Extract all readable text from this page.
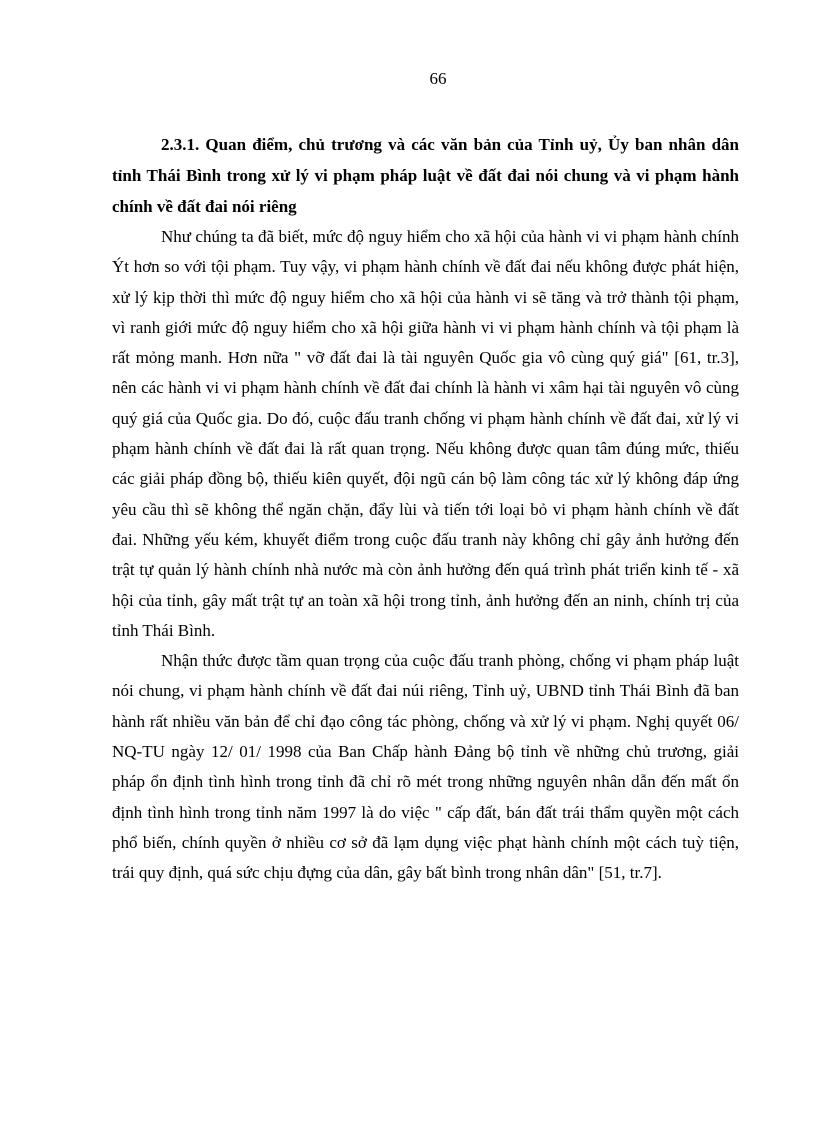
66

2.3.1. Quan điểm, chủ trương và các văn bản của Tỉnh uỷ, Ủy ban nhân dân tỉnh Thái Bình trong xử lý vi phạm pháp luật về đất đai nói chung và vi phạm hành chính về đất đai nói riêng

Như chúng ta đã biết, mức độ nguy hiểm cho xã hội của hành vi vi phạm hành chính Ýt hơn so với tội phạm. Tuy vậy, vi phạm hành chính về đất đai nếu không được phát hiện, xử lý kịp thời thì mức độ nguy hiểm cho xã hội của hành vi sẽ tăng và trở thành tội phạm, vì ranh giới mức độ nguy hiểm cho xã hội giữa hành vi vi phạm hành chính và tội phạm là rất mỏng manh. Hơn nữa " vỡ đất đai là tài nguyên Quốc gia vô cùng quý giá" [61, tr.3], nên các hành vi vi phạm hành chính về đất đai chính là hành vi xâm hại tài nguyên vô cùng quý giá của Quốc gia. Do đó, cuộc đấu tranh chống vi phạm hành chính về đất đai, xử lý vi phạm hành chính về đất đai là rất quan trọng. Nếu không được quan tâm đúng mức, thiếu các giải pháp đồng bộ, thiếu kiên quyết, đội ngũ cán bộ làm công tác xử lý không đáp ứng yêu cầu thì sẽ không thể ngăn chặn, đẩy lùi và tiến tới loại bỏ vi phạm hành chính về đất đai. Những yếu kém, khuyết điểm trong cuộc đấu tranh này không chỉ gây ảnh hưởng đến trật tự quản lý hành chính nhà nước mà còn ảnh hưởng đến quá trình phát triển kinh tế - xã hội của tỉnh, gây mất trật tự an toàn xã hội trong tỉnh, ảnh hưởng đến an ninh, chính trị của tỉnh Thái Bình.

Nhận thức được tầm quan trọng của cuộc đấu tranh phòng, chống vi phạm pháp luật nói chung, vi phạm hành chính về đất đai núi riêng, Tỉnh uỷ, UBND tỉnh Thái Bình đã ban hành rất nhiều văn bản để chỉ đạo công tác phòng, chống và xử lý vi phạm. Nghị quyết 06/ NQ-TU ngày 12/ 01/ 1998 của Ban Chấp hành Đảng bộ tỉnh về những chủ trương, giải pháp ổn định tình hình trong tỉnh đã chỉ rõ mét trong những nguyên nhân dẫn đến mất ổn định tình hình trong tỉnh năm 1997 là do việc " cấp đất, bán đất trái thẩm quyền một cách phổ biến, chính quyền ở nhiều cơ sở đã lạm dụng việc phạt hành chính một cách tuỳ tiện, trái quy định, quá sức chịu đựng của dân, gây bất bình trong nhân dân" [51, tr.7].
